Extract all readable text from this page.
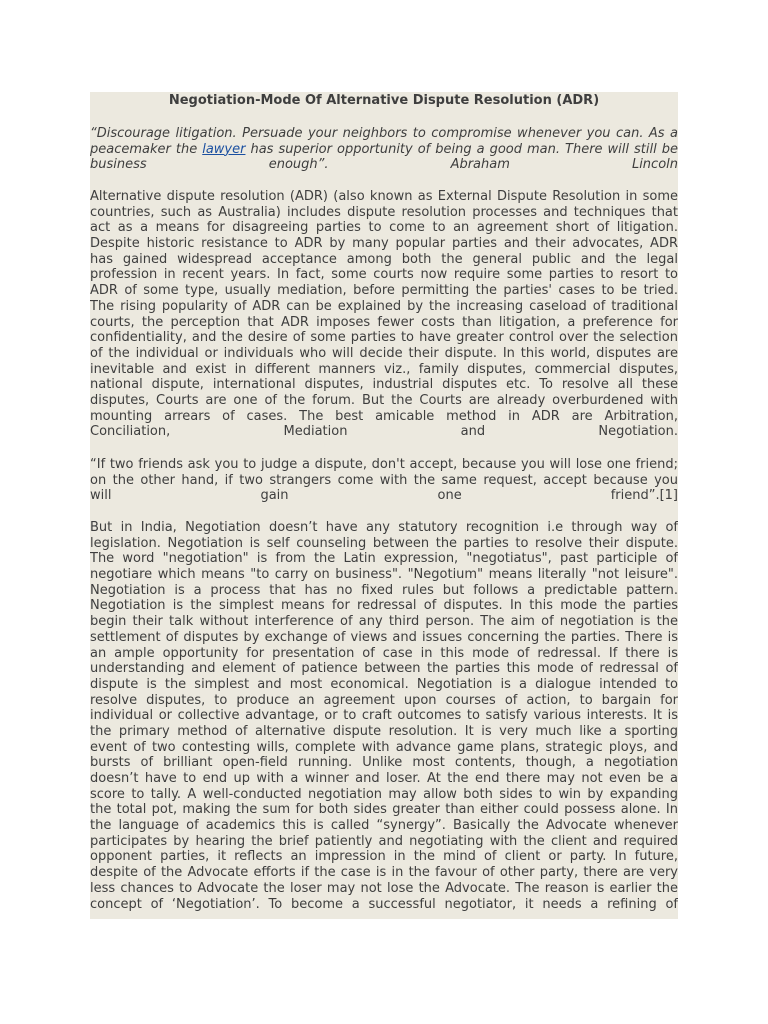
Negotiation-Mode Of Alternative Dispute Resolution (ADR)

“Discourage litigation. Persuade your neighbors to compromise whenever you can. As a
peacemaker the lawyer has superior opportunity of being a good man. There will still be
business enough”. Abraham Lincoln
Alternative dispute resolution (ADR) (also known as External Dispute Resolution in some
countries, such as Australia) includes dispute resolution processes and techniques that
act as a means for disagreeing parties to come to an agreement short of litigation.
Despite historic resistance to ADR by many popular parties and their advocates, ADR
has gained widespread acceptance among both the general public and the legal
profession in recent years. In fact, some courts now require some parties to resort to
ADR of some type, usually mediation, before permitting the parties' cases to be tried.
The rising popularity of ADR can be explained by the increasing caseload of traditional
courts, the perception that ADR imposes fewer costs than litigation, a preference for
confidentiality, and the desire of some parties to have greater control over the selection
of the individual or individuals who will decide their dispute. In this world, disputes are
inevitable and exist in different manners viz., family disputes, commercial disputes,
national dispute, international disputes, industrial disputes etc. To resolve all these
disputes, Courts are one of the forum. But the Courts are already overburdened with
mounting arrears of cases. The best amicable method in ADR are Arbitration,
Conciliation, Mediation and Negotiation.
“If two friends ask you to judge a dispute, don't accept, because you will lose one friend;
on the other hand, if two strangers come with the same request, accept because you
will gain one friend”.[1]
But in India, Negotiation doesn’t have any statutory recognition i.e through way of
legislation. Negotiation is self counseling between the parties to resolve their dispute.
The word "negotiation" is from the Latin expression, "negotiatus", past participle of
negotiare which means "to carry on business". "Negotium" means literally "not leisure".
Negotiation is a process that has no fixed rules but follows a predictable pattern.
Negotiation is the simplest means for redressal of disputes. In this mode the parties
begin their talk without interference of any third person. The aim of negotiation is the
settlement of disputes by exchange of views and issues concerning the parties. There is
an ample opportunity for presentation of case in this mode of redressal. If there is
understanding and element of patience between the parties this mode of redressal of
dispute is the simplest and most economical. Negotiation is a dialogue intended to
resolve disputes, to produce an agreement upon courses of action, to bargain for
individual or collective advantage, or to craft outcomes to satisfy various interests. It is
the primary method of alternative dispute resolution. It is very much like a sporting
event of two contesting wills, complete with advance game plans, strategic ploys, and
bursts of brilliant open-field running. Unlike most contents, though, a negotiation
doesn’t have to end up with a winner and loser. At the end there may not even be a
score to tally. A well-conducted negotiation may allow both sides to win by expanding
the total pot, making the sum for both sides greater than either could possess alone. In
the language of academics this is called “synergy”. Basically the Advocate whenever
participates by hearing the brief patiently and negotiating with the client and required
opponent parties, it reflects an impression in the mind of client or party. In future,
despite of the Advocate efforts if the case is in the favour of other party, there are very
less chances to Advocate the loser may not lose the Advocate. The reason is earlier the
concept of ‘Negotiation’. To become a successful negotiator, it needs a refining of
